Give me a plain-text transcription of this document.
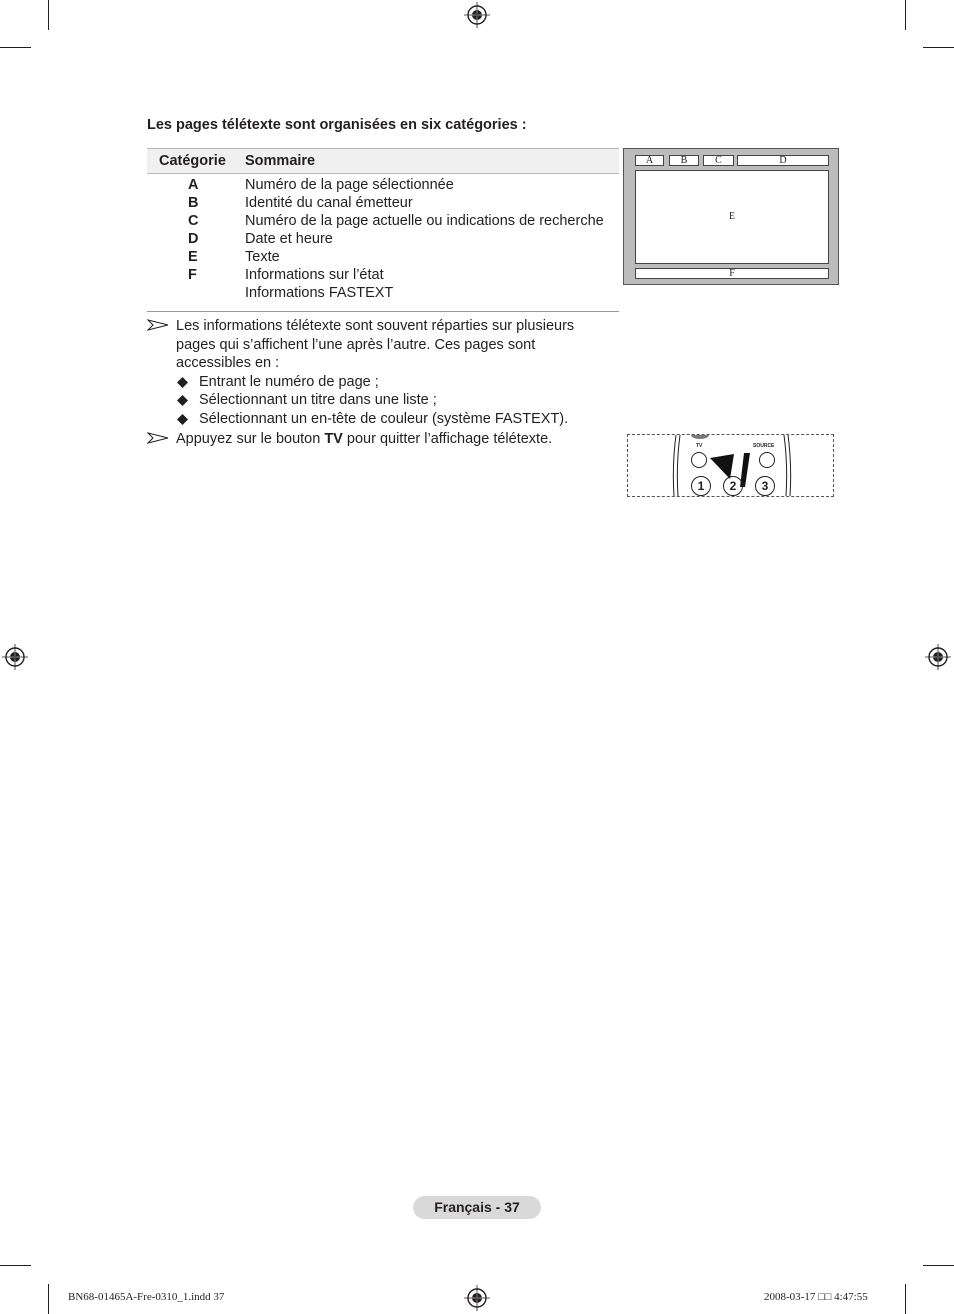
Les pages télétexte sont organisées en six catégories :
Catégorie Sommaire
A	Numéro de la page sélectionnée
B	Identité du canal émetteur
C	Numéro de la page actuelle ou indications de recherche
D	Date et heure
E	Texte
F	Informations sur l’état
Informations FASTEXT
Les informations télétexte sont souvent réparties sur plusieurs
pages qui s’affichent l’une après l’autre. Ces pages sont
accessibles en :
Entrant le numéro de page ;
Sélectionnant un titre dans une liste ;
Sélectionnant un en-tête de couleur (système FASTEXT).
Appuyez sur le bouton TV pour quitter l’affichage télétexte.
A	B	C	D
E
F
TV	SOURCE
1	2	3
Français - 37
BN68-01465A-Fre-0310_1.indd 37	2008-03-17 □□ 4:47:55
